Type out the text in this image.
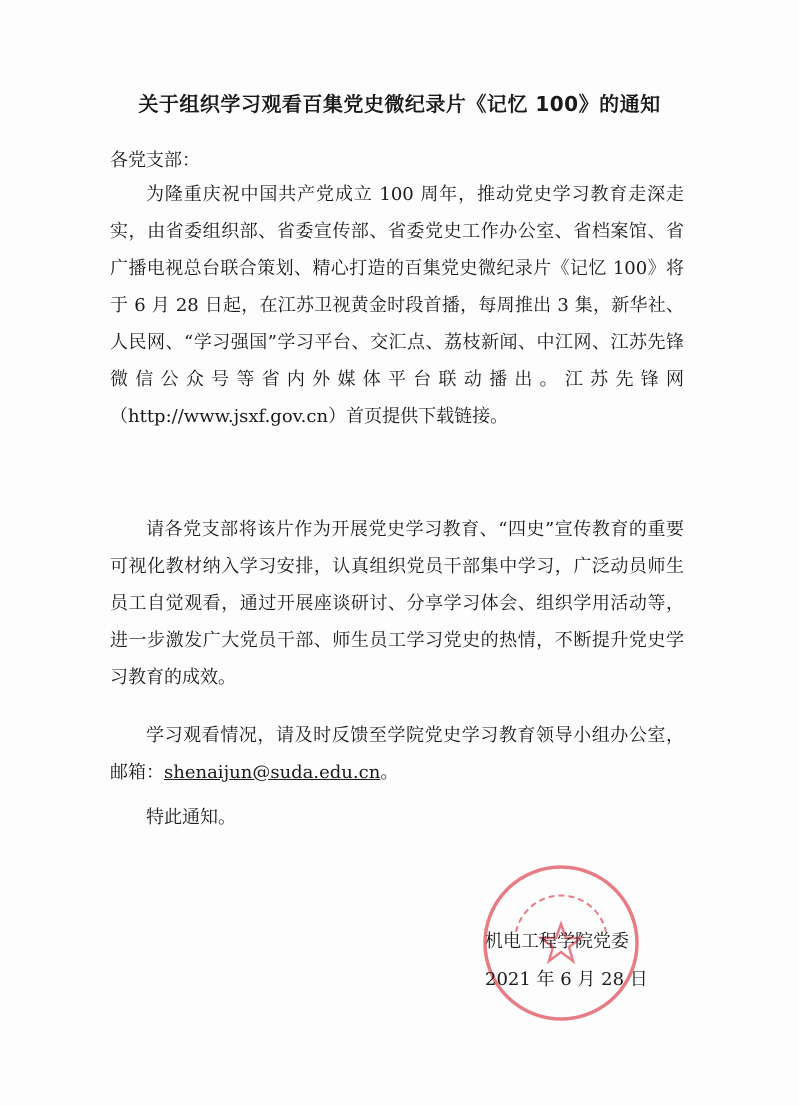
关于组织学习观看百集党史微纪录片《记忆 100》的通知
各党支部：

为隆重庆祝中国共产党成立 100 周年，推动党史学习教育走深走实，由省委组织部、省委宣传部、省委党史工作办公室、省档案馆、省广播电视总台联合策划、精心打造的百集党史微纪录片《记忆 100》将于 6 月 28 日起，在江苏卫视黄金时段首播，每周推出 3 集，新华社、人民网、“学习强国”学习平台、交汇点、荔枝新闻、中江网、江苏先锋微信公众号等省内外媒体平台联动播出。江苏先锋网（http://www.jsxf.gov.cn）首页提供下载链接。

请各党支部将该片作为开展党史学习教育、“四史”宣传教育的重要可视化教材纳入学习安排，认真组织党员干部集中学习，广泛动员师生员工自觉观看，通过开展座谈研讨、分享学习体会、组织学用活动等，进一步激发广大党员干部、师生员工学习党史的热情，不断提升党史学习教育的成效。

学习观看情况，请及时反馈至学院党史学习教育领导小组办公室，邮箱：shenaijun@suda.edu.cn。

特此通知。

机电工程学院党委
2021 年 6 月 28 日
